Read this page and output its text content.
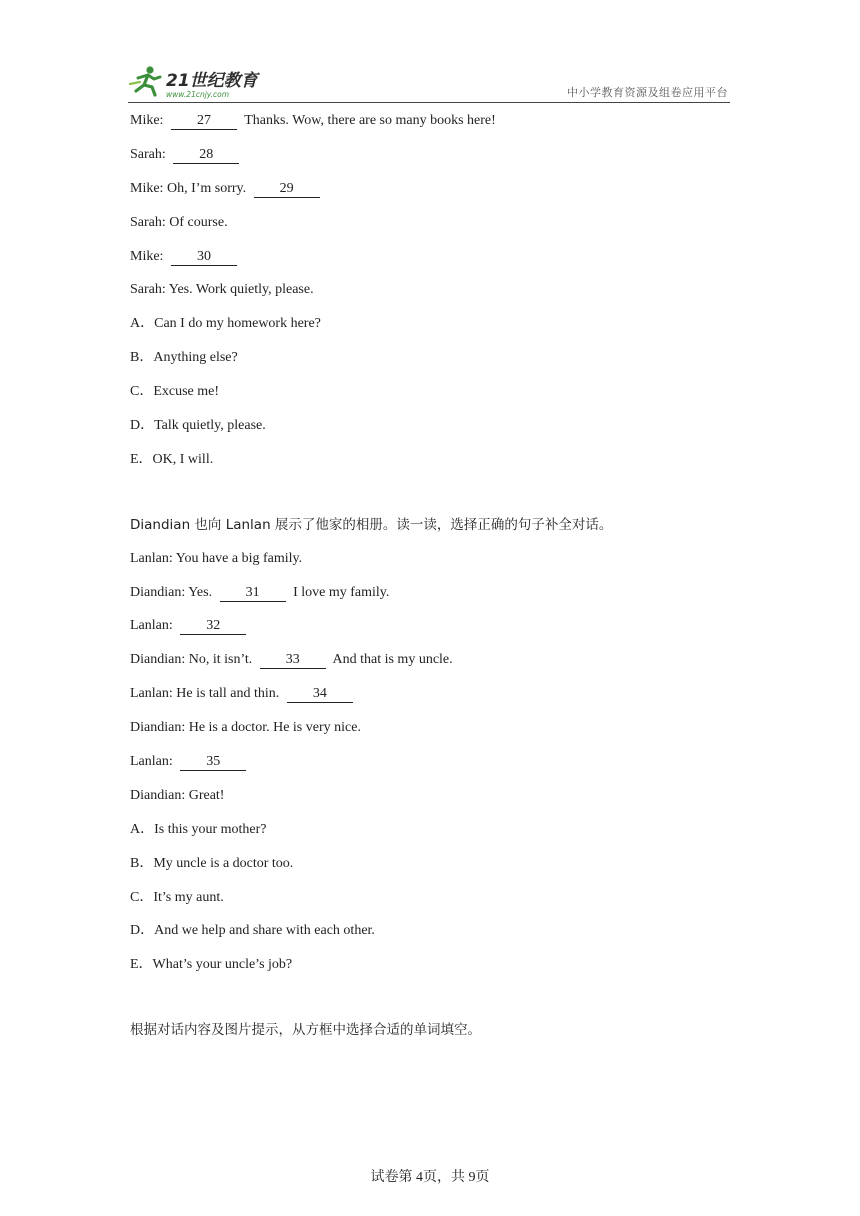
21世纪教育
www.21cnjy.com	中小学教育资源及组卷应用平台
Mike: 27 Thanks. Wow, there are so many books here!
Sarah: 28
Mike: Oh, I’m sorry. 29
Sarah: Of course.
Mike: 30
Sarah: Yes. Work quietly, please.
A．Can I do my homework here?
B．Anything else?
C．Excuse me!
D．Talk quietly, please.
E．OK, I will.
Diandian 也向 Lanlan 展示了他家的相册。读一读，选择正确的句子补全对话。
Lanlan: You have a big family.
Diandian: Yes. 31 I love my family.
Lanlan: 32
Diandian: No, it isn’t. 33 And that is my uncle.
Lanlan: He is tall and thin. 34
Diandian: He is a doctor. He is very nice.
Lanlan: 35
Diandian: Great!
A．Is this your mother?
B．My uncle is a doctor too.
C．It’s my aunt.
D．And we help and share with each other.
E．What’s your uncle’s job?
根据对话内容及图片提示，从方框中选择合适的单词填空。
试卷第 4页，共 9页
